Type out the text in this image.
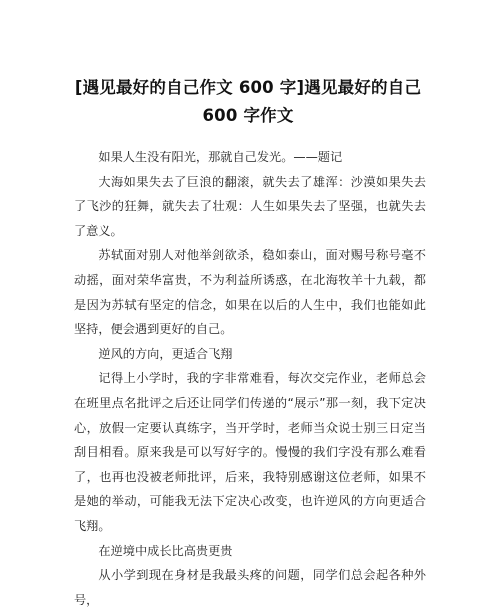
[遇见最好的自己作文 600 字]遇见最好的自己 600 字作文

如果人生没有阳光，那就自己发光。——题记

大海如果失去了巨浪的翻滚，就失去了雄浑：沙漠如果失去了飞沙的狂舞，就失去了壮观：人生如果失去了坚强，也就失去了意义。

苏轼面对别人对他举剑欲杀，稳如泰山，面对赐号称号毫不动摇，面对荣华富贵，不为利益所诱惑，在北海牧羊十九载，都是因为苏轼有坚定的信念，如果在以后的人生中，我们也能如此坚持，便会遇到更好的自己。

逆风的方向，更适合飞翔

记得上小学时，我的字非常难看，每次交完作业，老师总会在班里点名批评之后还让同学们传递的“展示”那一刻，我下定决心，放假一定要认真练字，当开学时，老师当众说士别三日定当刮目相看。原来我是可以写好字的。慢慢的我们字没有那么难看了，也再也没被老师批评，后来，我特别感谢这位老师，如果不是她的举动，可能我无法下定决心改变，也许逆风的方向更适合飞翔。

在逆境中成长比高贵更贵

从小学到现在身材是我最头疼的问题，同学们总会起各种外号，
